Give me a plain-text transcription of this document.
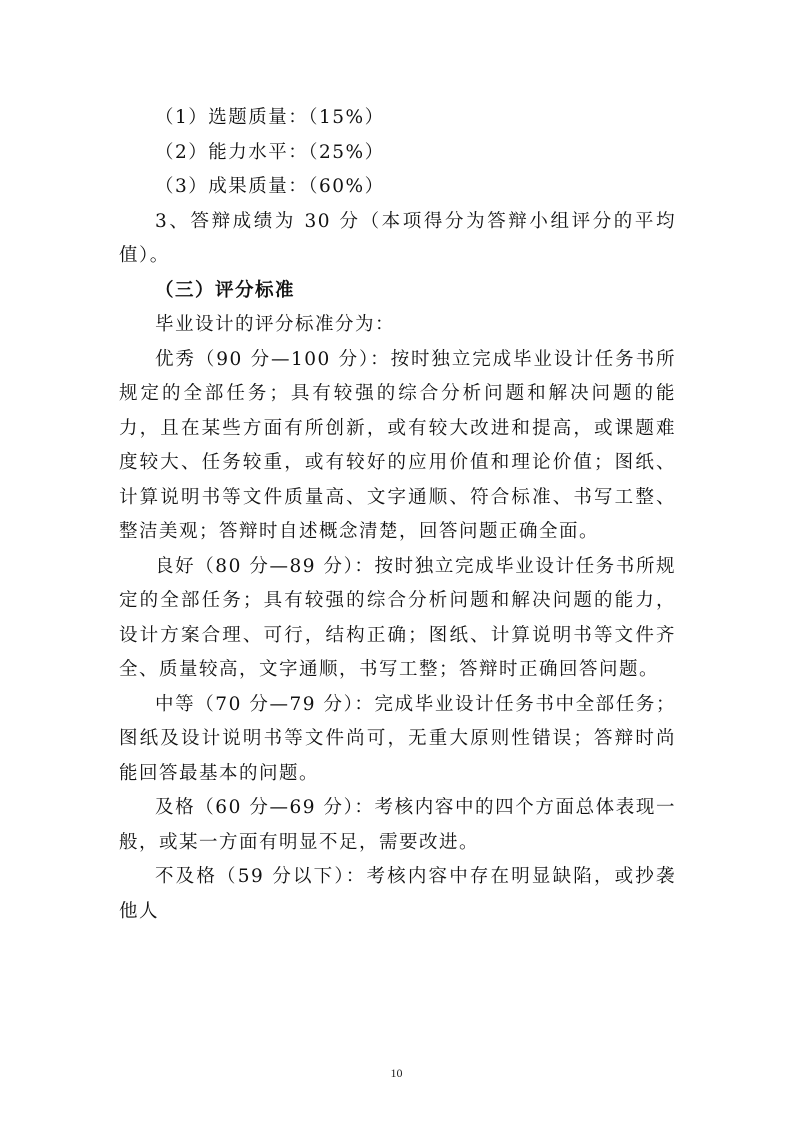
（1）选题质量：（15%）

（2）能力水平：（25%）

（3）成果质量：（60%）

3、答辩成绩为 30 分（本项得分为答辩小组评分的平均值）。

（三）评分标准

毕业设计的评分标准分为：

优秀（90 分—100 分）：按时独立完成毕业设计任务书所规定的全部任务；具有较强的综合分析问题和解决问题的能力，且在某些方面有所创新，或有较大改进和提高，或课题难度较大、任务较重，或有较好的应用价值和理论价值；图纸、计算说明书等文件质量高、文字通顺、符合标准、书写工整、整洁美观；答辩时自述概念清楚，回答问题正确全面。

良好（80 分—89 分）：按时独立完成毕业设计任务书所规定的全部任务；具有较强的综合分析问题和解决问题的能力，设计方案合理、可行，结构正确；图纸、计算说明书等文件齐全、质量较高，文字通顺，书写工整；答辩时正确回答问题。

中等（70 分—79 分）：完成毕业设计任务书中全部任务；图纸及设计说明书等文件尚可，无重大原则性错误；答辩时尚能回答最基本的问题。

及格（60 分—69 分）：考核内容中的四个方面总体表现一般，或某一方面有明显不足，需要改进。

不及格（59 分以下）：考核内容中存在明显缺陷，或抄袭他人

10
